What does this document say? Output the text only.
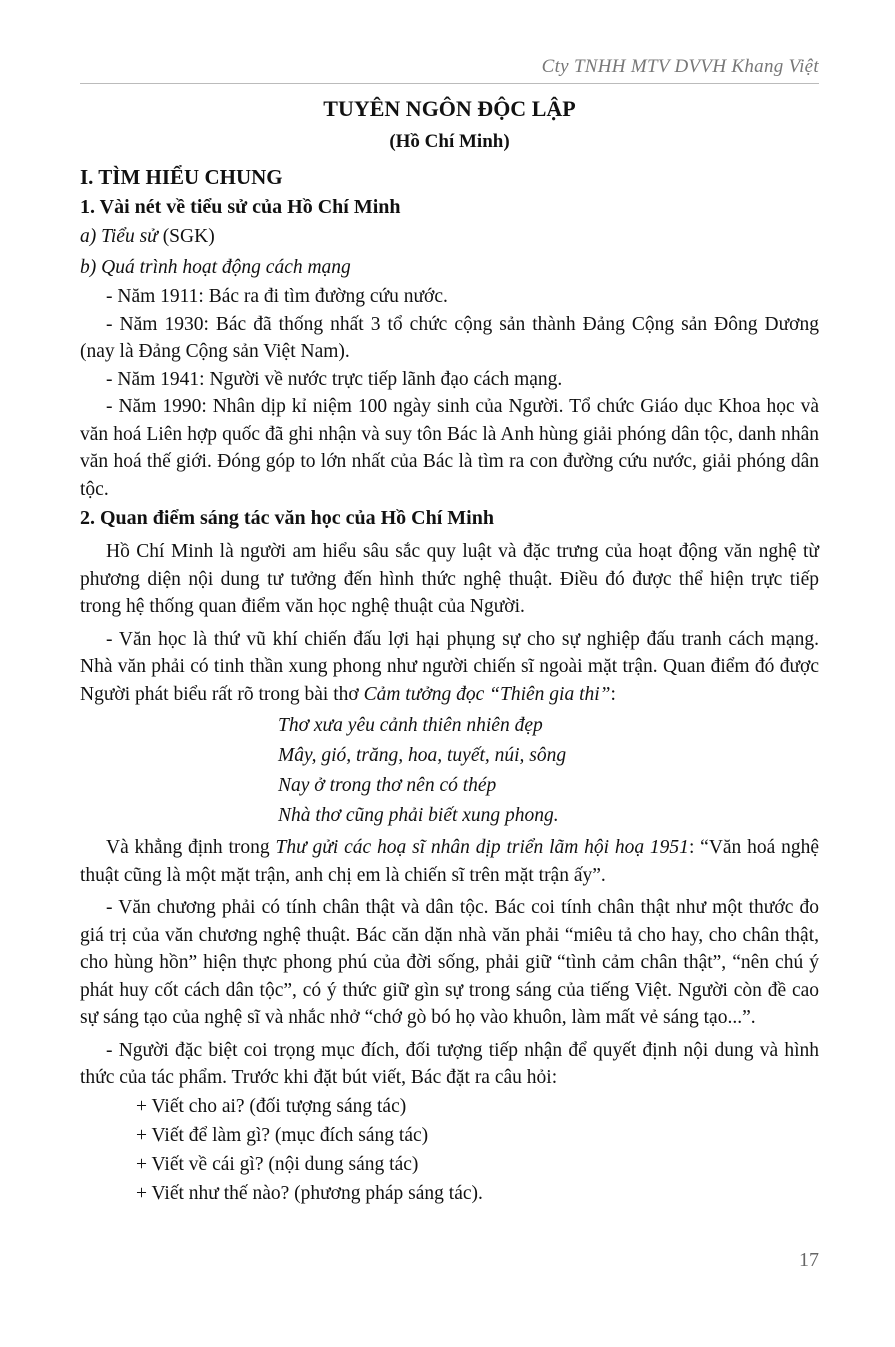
Cty TNHH MTV DVVH Khang Việt
TUYÊN NGÔN ĐỘC LẬP
(Hồ Chí Minh)

I. TÌM HIỂU CHUNG

1. Vài nét về tiểu sử của Hồ Chí Minh

a) Tiểu sử (SGK)

b) Quá trình hoạt động cách mạng

- Năm 1911: Bác ra đi tìm đường cứu nước.

- Năm 1930: Bác đã thống nhất 3 tổ chức cộng sản thành Đảng Cộng sản Đông Dương (nay là Đảng Cộng sản Việt Nam).

- Năm 1941: Người về nước trực tiếp lãnh đạo cách mạng.

- Năm 1990: Nhân dịp kỉ niệm 100 ngày sinh của Người. Tổ chức Giáo dục Khoa học và văn hoá Liên hợp quốc đã ghi nhận và suy tôn Bác là Anh hùng giải phóng dân tộc, danh nhân văn hoá thế giới. Đóng góp to lớn nhất của Bác là tìm ra con đường cứu nước, giải phóng dân tộc.

2. Quan điểm sáng tác văn học của Hồ Chí Minh

Hồ Chí Minh là người am hiểu sâu sắc quy luật và đặc trưng của hoạt động văn nghệ từ phương diện nội dung tư tưởng đến hình thức nghệ thuật. Điều đó được thể hiện trực tiếp trong hệ thống quan điểm văn học nghệ thuật của Người.

- Văn học là thứ vũ khí chiến đấu lợi hại phụng sự cho sự nghiệp đấu tranh cách mạng. Nhà văn phải có tinh thần xung phong như người chiến sĩ ngoài mặt trận. Quan điểm đó được Người phát biểu rất rõ trong bài thơ Cảm tưởng đọc “Thiên gia thi”:

Thơ xưa yêu cảnh thiên nhiên đẹp

Mây, gió, trăng, hoa, tuyết, núi, sông

Nay ở trong thơ nên có thép

Nhà thơ cũng phải biết xung phong.

Và khẳng định trong Thư gửi các hoạ sĩ nhân dịp triển lãm hội hoạ 1951: “Văn hoá nghệ thuật cũng là một mặt trận, anh chị em là chiến sĩ trên mặt trận ấy”.

- Văn chương phải có tính chân thật và dân tộc. Bác coi tính chân thật như một thước đo giá trị của văn chương nghệ thuật. Bác căn dặn nhà văn phải “miêu tả cho hay, cho chân thật, cho hùng hồn” hiện thực phong phú của đời sống, phải giữ “tình cảm chân thật”, “nên chú ý phát huy cốt cách dân tộc”, có ý thức giữ gìn sự trong sáng của tiếng Việt. Người còn đề cao sự sáng tạo của nghệ sĩ và nhắc nhở “chớ gò bó họ vào khuôn, làm mất vẻ sáng tạo...”.

- Người đặc biệt coi trọng mục đích, đối tượng tiếp nhận để quyết định nội dung và hình thức của tác phẩm. Trước khi đặt bút viết, Bác đặt ra câu hỏi:

+ Viết cho ai? (đối tượng sáng tác)

+ Viết để làm gì? (mục đích sáng tác)

+ Viết về cái gì? (nội dung sáng tác)

+ Viết như thế nào? (phương pháp sáng tác).

17
